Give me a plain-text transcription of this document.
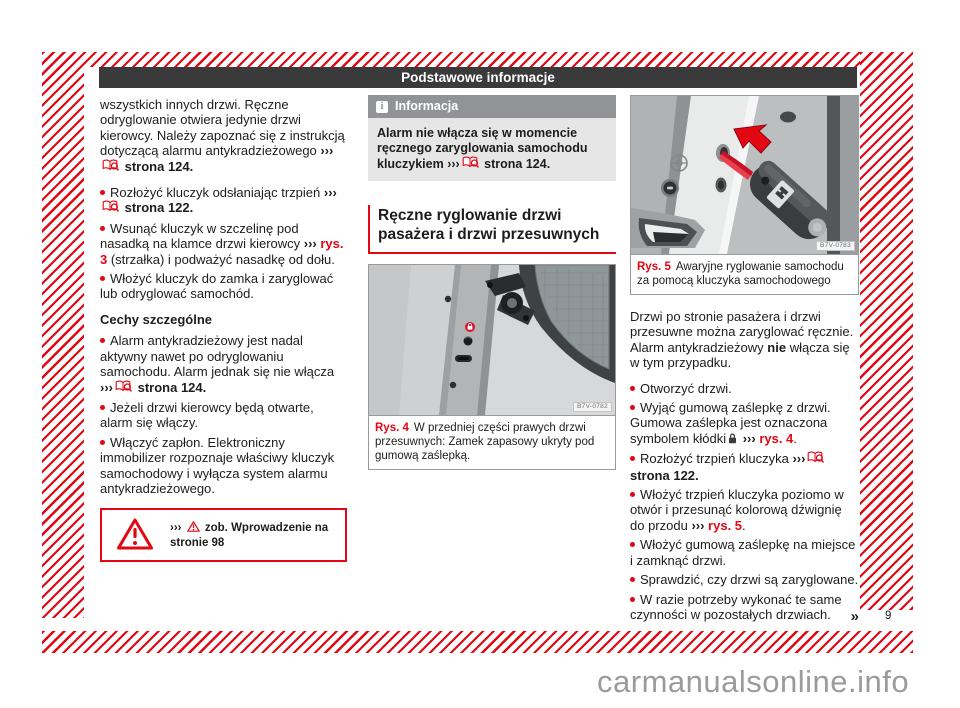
Podstawowe informacje

wszystkich innych drzwi. Ręczne odryglowanie otwiera jedynie drzwi kierowcy. Należy zapoznać się z instrukcją dotyczącą alarmu antykradzieżowego ››› strona 124.

Rozłożyć kluczyk odsłaniając trzpień ››› strona 122.
Wsunąć kluczyk w szczelinę pod nasadką na klamce drzwi kierowcy ››› rys. 3 (strzałka) i podważyć nasadkę od dołu.
Włożyć kluczyk do zamka i zaryglować lub odryglować samochód.
Cechy szczególne
Alarm antykradzieżowy jest nadal aktywny nawet po odryglowaniu samochodu. Alarm jednak się nie włącza ››› strona 124.
Jeżeli drzwi kierowcy będą otwarte, alarm się włączy.
Włączyć zapłon. Elektroniczny immobilizer rozpoznaje właściwy kluczyk samochodowy i wyłącza system alarmu antykradzieżowego.
›››  zob. Wprowadzenie na stronie 98
i Informacja
Alarm nie włącza się w momencie ręcznego zaryglowania samochodu kluczykiem ››› strona 124.
Ręczne ryglowanie drzwi pasażera i drzwi przesuwnych
B7V-0782
Rys. 4 W przedniej części prawych drzwi przesuwnych: Zamek zapasowy ukryty pod gumową zaślepką.
B7V-0783
Rys. 5 Awaryjne ryglowanie samochodu za pomocą kluczyka samochodowego

Drzwi po stronie pasażera i drzwi przesuwne można zaryglować ręcznie. Alarm antykradzieżowy nie włącza się w tym przypadku.

Otworzyć drzwi.
Wyjąć gumową zaślepkę z drzwi. Gumowa zaślepka jest oznaczona symbolem kłódki ››› rys. 4.
Rozłożyć trzpień kluczyka ››› strona 122.
Włożyć trzpień kluczyka poziomo w otwór i przesunąć kolorową dźwignię do przodu ››› rys. 5.
Włożyć gumową zaślepkę na miejsce i zamknąć drzwi.
Sprawdzić, czy drzwi są zaryglowane.
W razie potrzeby wykonać te same czynności w pozostałych drzwiach. » 9
carmanualsonline.info
